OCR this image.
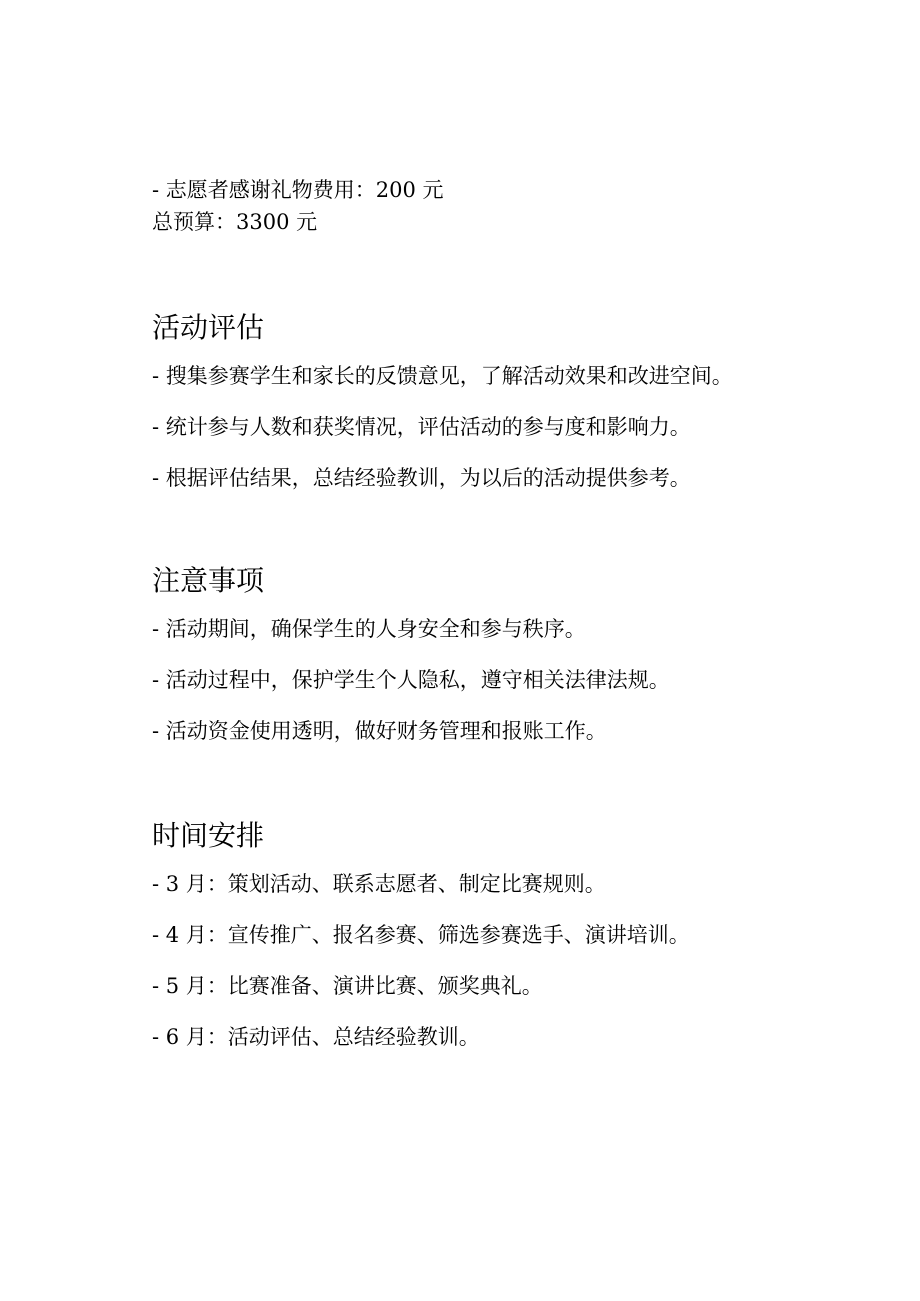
- 志愿者感谢礼物费用：200 元
总预算：3300 元
活动评估

- 搜集参赛学生和家长的反馈意见，了解活动效果和改进空间。

- 统计参与人数和获奖情况，评估活动的参与度和影响力。

- 根据评估结果，总结经验教训，为以后的活动提供参考。

注意事项

- 活动期间，确保学生的人身安全和参与秩序。

- 活动过程中，保护学生个人隐私，遵守相关法律法规。

- 活动资金使用透明，做好财务管理和报账工作。

时间安排

- 3 月：策划活动、联系志愿者、制定比赛规则。

- 4 月：宣传推广、报名参赛、筛选参赛选手、演讲培训。

- 5 月：比赛准备、演讲比赛、颁奖典礼。

- 6 月：活动评估、总结经验教训。
